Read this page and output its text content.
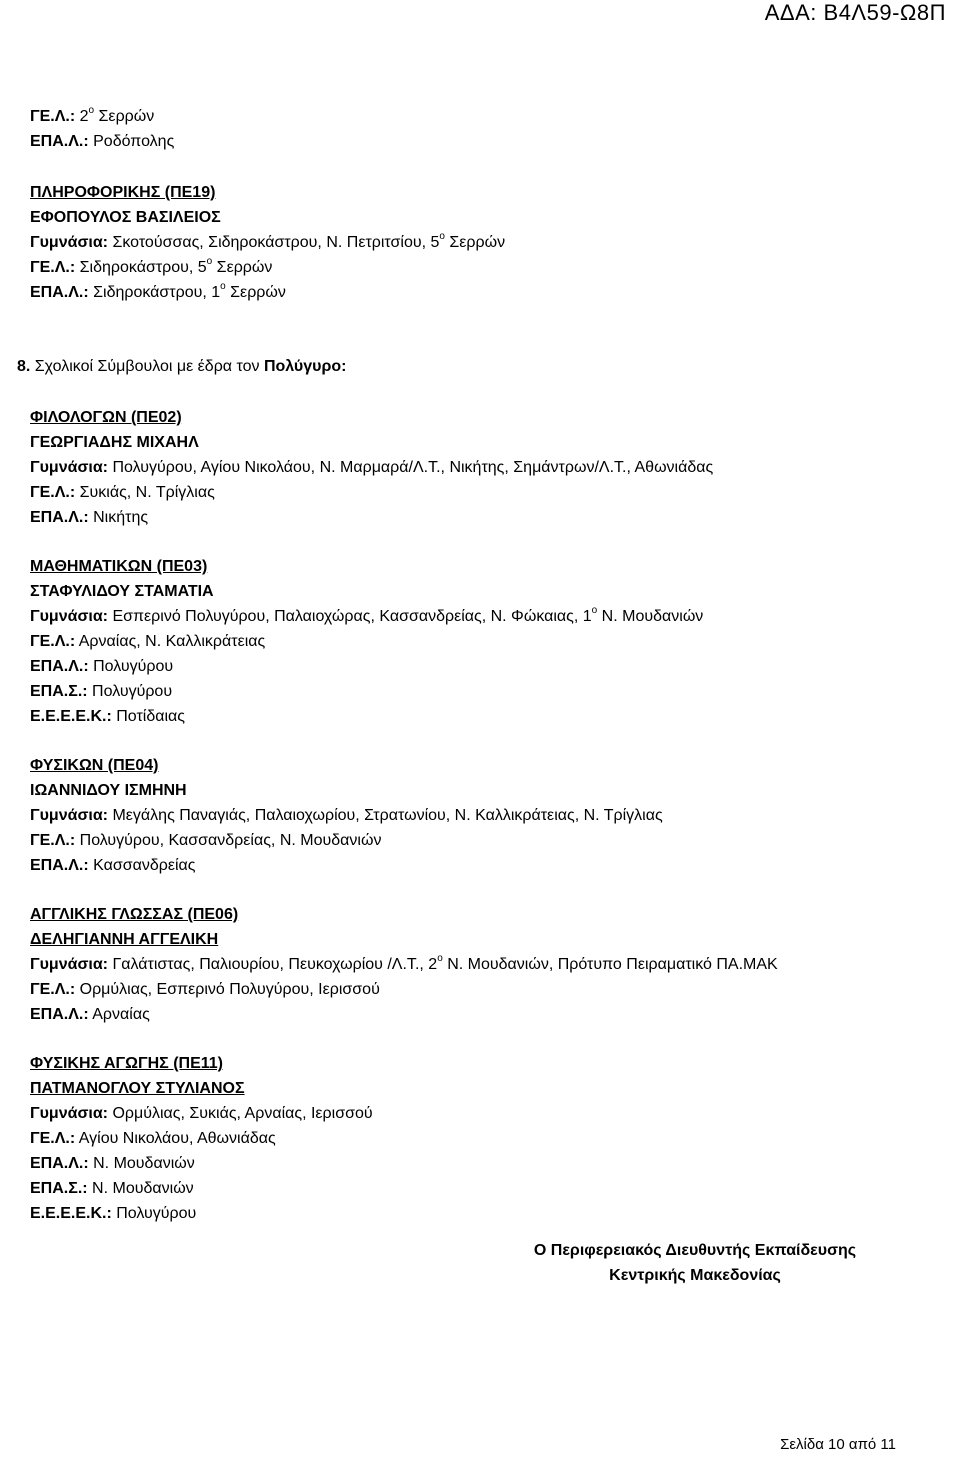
ΑΔΑ: Β4Λ59-Ω8Π
ΓΕ.Λ.: $2^o$ Σερρών
ΕΠΑ.Λ.: Ροδόπολης
ΠΛΗΡΟΦΟΡΙΚΗΣ (ΠΕ19)
ΕΦΟΠΟΥΛΟΣ ΒΑΣΙΛΕΙΟΣ
Γυμνάσια: Σκοτούσσας, Σιδηροκάστρου, Ν. Πετριτσίου, $5^o$ Σερρών
ΓΕ.Λ.: Σιδηροκάστρου, $5^o$ Σερρών
ΕΠΑ.Λ.: Σιδηροκάστρου, $1^o$ Σερρών
8. Σχολικοί Σύμβουλοι με έδρα τον Πολύγυρο:
ΦΙΛΟΛΟΓΩΝ (ΠΕ02)
ΓΕΩΡΓΙΑΔΗΣ ΜΙΧΑΗΛ
Γυμνάσια: Πολυγύρου, Αγίου Νικολάου, Ν. Μαρμαρά/Λ.Τ., Νικήτης, Σημάντρων/Λ.Τ., Αθωνιάδας
ΓΕ.Λ.: Συκιάς, Ν. Τρίγλιας
ΕΠΑ.Λ.: Νικήτης
ΜΑΘΗΜΑΤΙΚΩΝ (ΠΕ03)
ΣΤΑΦΥΛΙΔΟΥ ΣΤΑΜΑΤΙΑ
Γυμνάσια: Εσπερινό Πολυγύρου, Παλαιοχώρας, Κασσανδρείας, Ν. Φώκαιας, $1^o$ Ν. Μουδανιών
ΓΕ.Λ.: Αρναίας, Ν. Καλλικράτειας
ΕΠΑ.Λ.: Πολυγύρου
ΕΠΑ.Σ.: Πολυγύρου
Ε.Ε.Ε.Ε.Κ.: Ποτίδαιας
ΦΥΣΙΚΩΝ (ΠΕ04)
ΙΩΑΝΝΙΔΟΥ ΙΣΜΗΝΗ
Γυμνάσια: Μεγάλης Παναγιάς, Παλαιοχωρίου, Στρατωνίου, Ν. Καλλικράτειας, Ν. Τρίγλιας
ΓΕ.Λ.: Πολυγύρου, Κασσανδρείας, Ν. Μουδανιών
ΕΠΑ.Λ.: Κασσανδρείας
ΑΓΓΛΙΚΗΣ ΓΛΩΣΣΑΣ (ΠΕ06)
ΔΕΛΗΓΙΑΝΝΗ ΑΓΓΕΛΙΚΗ
Γυμνάσια: Γαλάτιστας, Παλιουρίου, Πευκοχωρίου /Λ.Τ., $2^o$ Ν. Μουδανιών, Πρότυπο Πειραματικό ΠΑ.ΜΑΚ
ΓΕ.Λ.: Ορμύλιας, Εσπερινό Πολυγύρου, Ιερισσού
ΕΠΑ.Λ.: Αρναίας
ΦΥΣΙΚΗΣ ΑΓΩΓΗΣ (ΠΕ11)
ΠΑΤΜΑΝΟΓΛΟΥ ΣΤΥΛΙΑΝΟΣ
Γυμνάσια: Ορμύλιας, Συκιάς, Αρναίας, Ιερισσού
ΓΕ.Λ.: Αγίου Νικολάου, Αθωνιάδας
ΕΠΑ.Λ.: Ν. Μουδανιών
ΕΠΑ.Σ.: Ν. Μουδανιών
Ε.Ε.Ε.Ε.Κ.: Πολυγύρου
Ο Περιφερειακός Διευθυντής Εκπαίδευσης
Κεντρικής Μακεδονίας
Σελίδα 10 από 11
